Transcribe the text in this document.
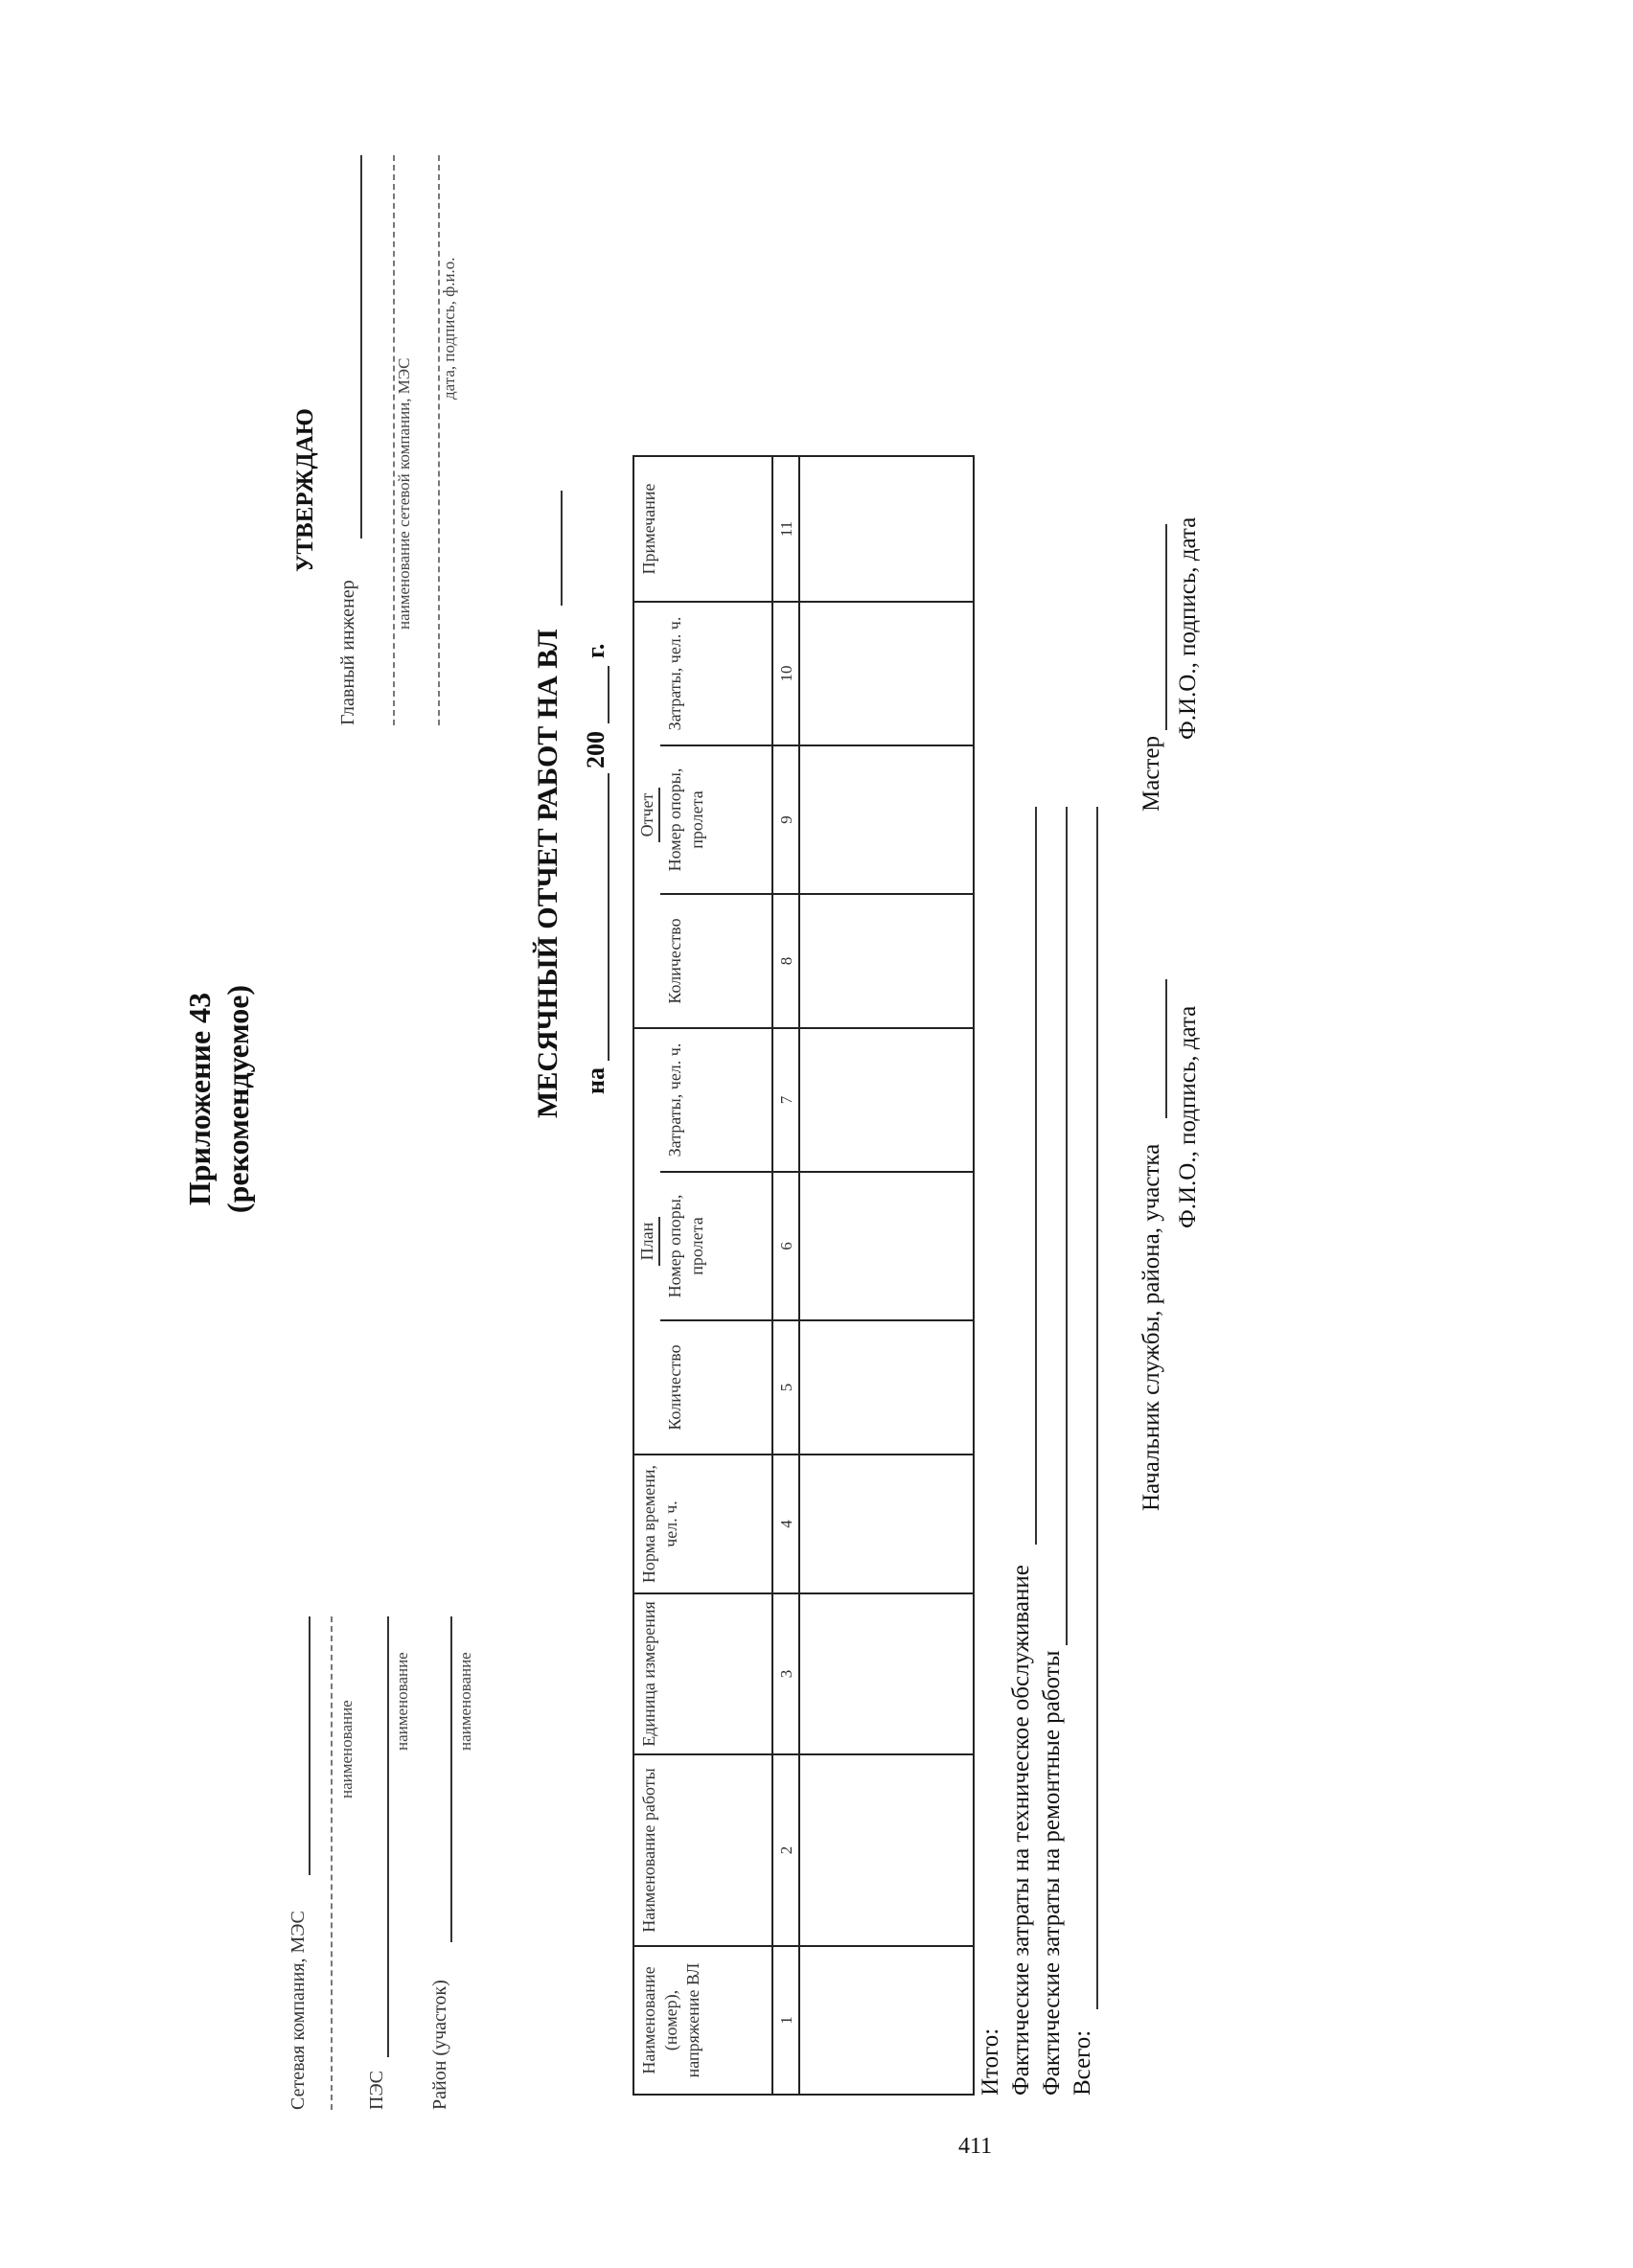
Приложение 43 (рекомендуемое)
УТВЕРЖДАЮ
Главный инженер
наименование сетевой компании, МЭС
дата, подпись, ф.и.о.
Сетевая компания, МЭС
наименование
ПЭС
наименование
Район (участок)
наименование
МЕСЯЧНЫЙ ОТЧЕТ РАБОТ НА ВЛ на
200
г.
Наименование (номер), напряжение ВЛ	Наименование работы	Единица измерения	Норма времени, чел. ч.	План			Отчет			Примечание
				Количество	Номер опоры, пролета	Затраты, чел. ч.	Количество	Номер опоры, пролета	Затраты, чел. ч.	
1	2	3	4	5	6	7	8	9	10	11

Итого: Фактические затраты на техническое обслуживание Фактические затраты на ремонтные работы Всего:
Начальник службы, района, участка
Ф.И.О., подпись, дата
Мастер
Ф.И.О., подпись, дата
411
